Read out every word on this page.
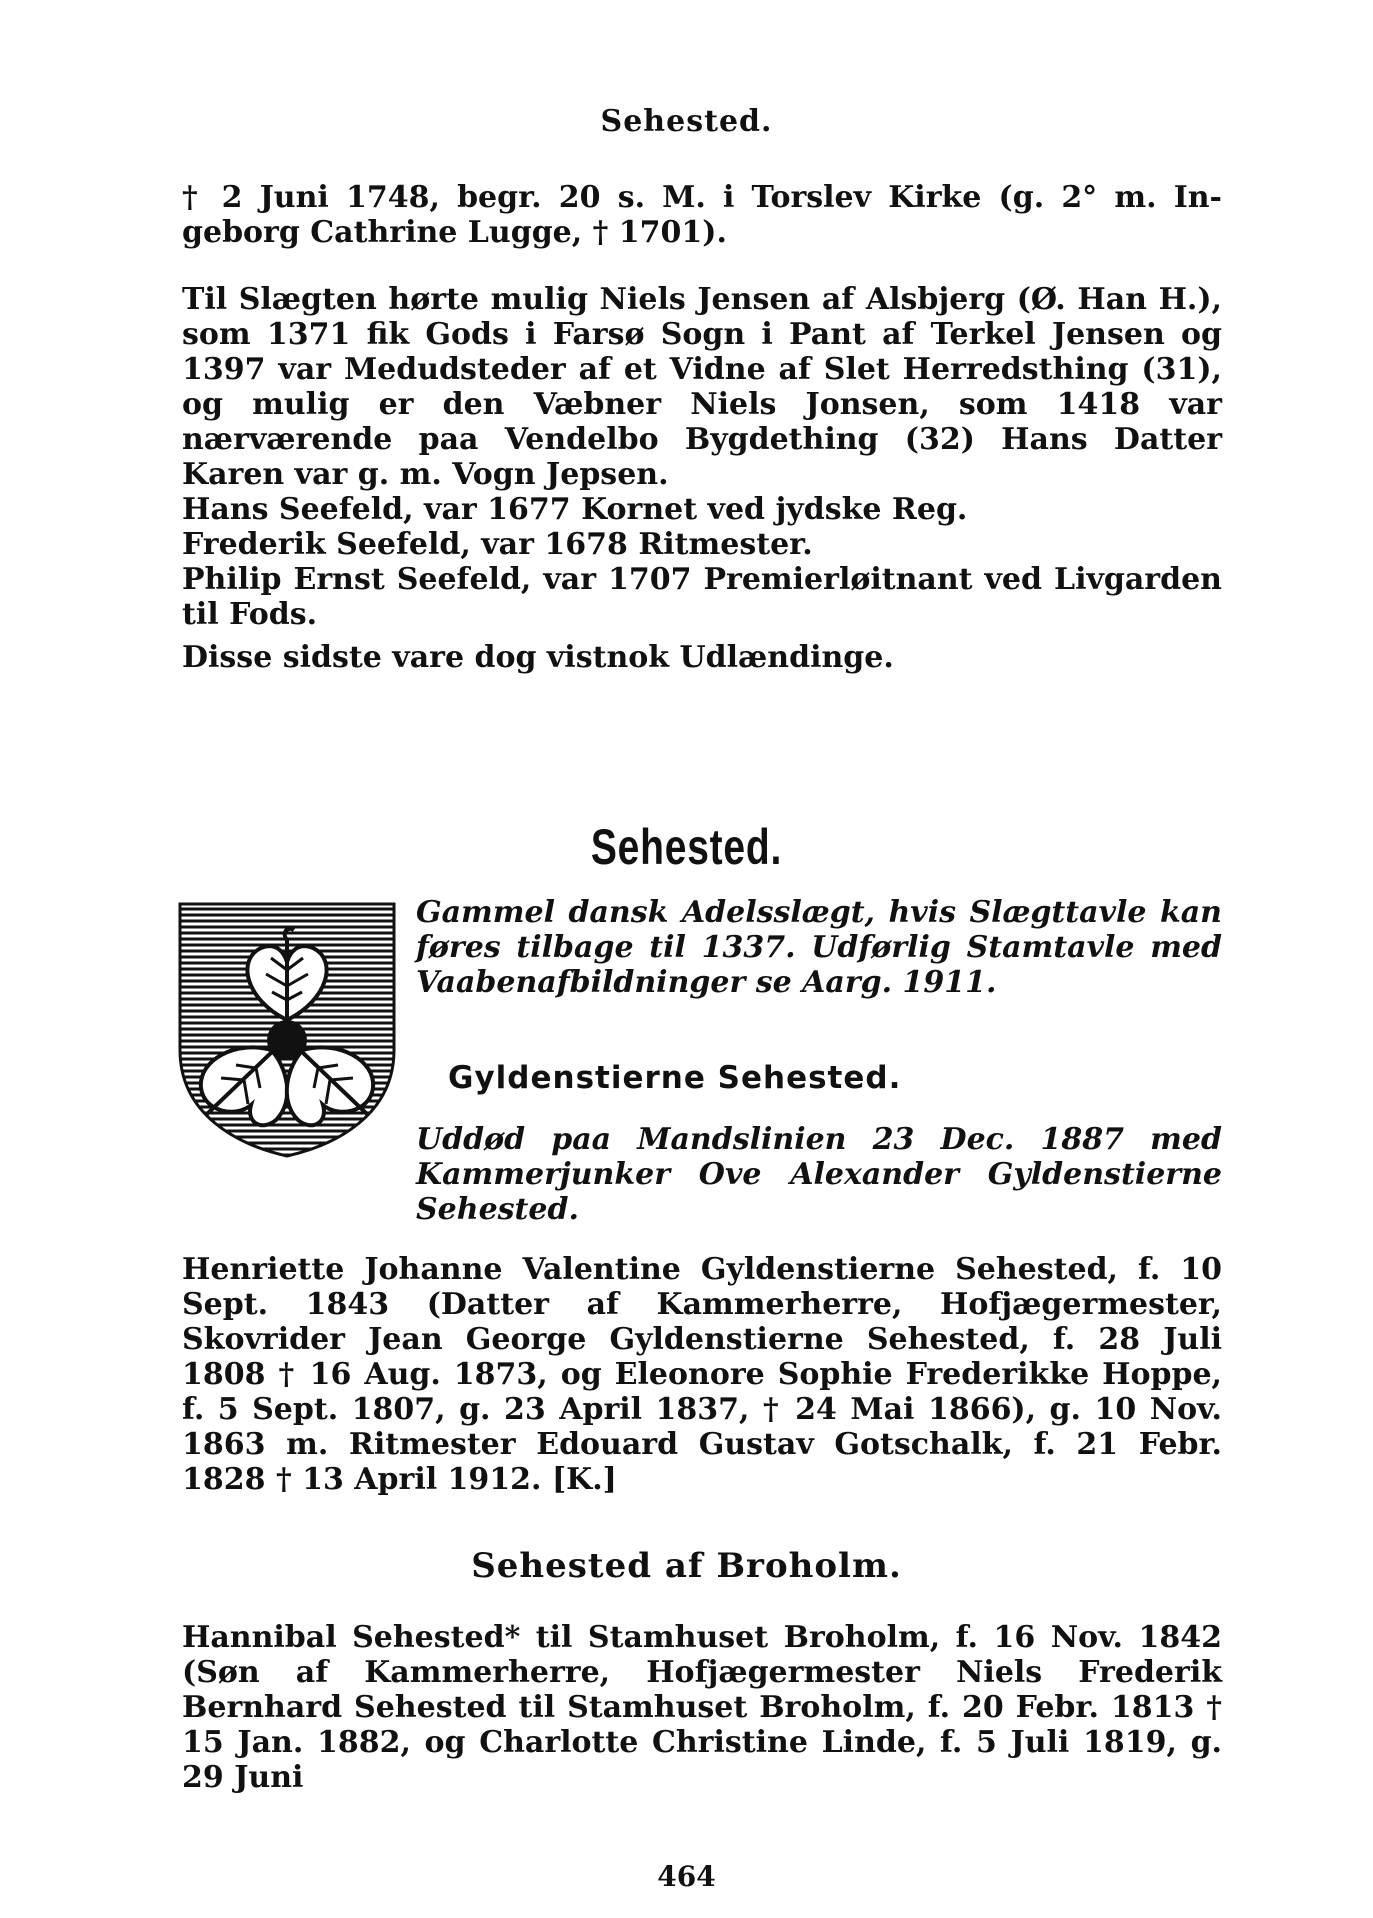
Sehested.

† 2 Juni 1748, begr. 20 s. M. i Torslev Kirke (g. 2° m. In-

geborg Cathrine Lugge, † 1701).

Til Slægten hørte mulig Niels Jensen af Alsbjerg (Ø. Han H.), som 1371 fik Gods i Farsø Sogn i Pant af Terkel Jensen og 1397 var Medudsteder af et Vidne af Slet Herredsthing (31), og mulig er den Væbner Niels Jonsen, som 1418 var nærværende paa Vendelbo Bygdething (32) Hans Datter Karen var g. m. Vogn Jepsen.

Hans Seefeld, var 1677 Kornet ved jydske Reg.

Frederik Seefeld, var 1678 Ritmester.

Philip Ernst Seefeld, var 1707 Premierløitnant ved Livgarden til Fods.

Disse sidste vare dog vistnok Udlændinge.

Sehested.
Gammel dansk Adelsslægt, hvis Slægttavle kan føres tilbage til 1337. Udførlig Stamtavle med Vaabenafbildninger se Aarg. 1911.
Gyldenstierne Sehested.
Uddød paa Mandslinien 23 Dec. 1887 med Kammerjunker Ove Alexander Gyldenstierne Sehested.
Henriette Johanne Valentine Gyldenstierne Sehested, f. 10 Sept. 1843 (Datter af Kammerherre, Hofjægermester, Skovrider Jean George Gyldenstierne Sehested, f. 28 Juli 1808 † 16 Aug. 1873, og Eleonore Sophie Frederikke Hoppe, f. 5 Sept. 1807, g. 23 April 1837, † 24 Mai 1866), g. 10 Nov. 1863 m. Ritmester Edouard Gustav Gotschalk, f. 21 Febr. 1828 † 13 April 1912. [K.]
Sehested af Broholm.
Hannibal Sehested* til Stamhuset Broholm, f. 16 Nov. 1842 (Søn af Kammerherre, Hofjægermester Niels Frederik Bernhard Sehested til Stamhuset Broholm, f. 20 Febr. 1813 † 15 Jan. 1882, og Charlotte Christine Linde, f. 5 Juli 1819, g. 29 Juni
464
